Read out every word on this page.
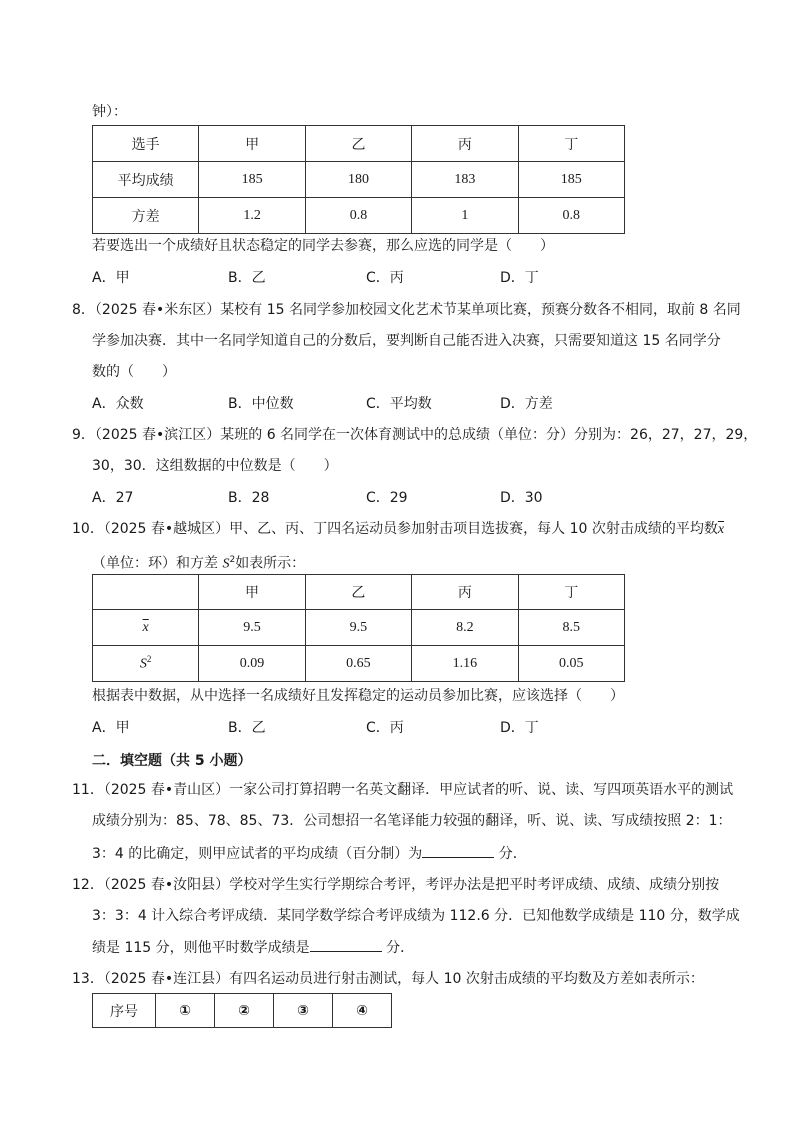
钟）：
选手	甲	乙	丙	丁
平均成绩	185	180	183	185
方差	1.2	0.8	1	0.8
若要选出一个成绩好且状态稳定的同学去参赛，那么应选的同学是（　　）
A．甲	B．乙	C．丙	D．丁
8．（2025 春•米东区）某校有 15 名同学参加校园文化艺术节某单项比赛，预赛分数各不相同，取前 8 名同
学参加决赛．其中一名同学知道自己的分数后，要判断自己能否进入决赛，只需要知道这 15 名同学分
数的（　　）
A．众数	B．中位数	C．平均数	D．方差
9．（2025 春•滨江区）某班的 6 名同学在一次体育测试中的总成绩（单位：分）分别为：26，27，27，29，
30，30．这组数据的中位数是（　　）
A．27	B．28	C．29	D．30
10．（2025 春•越城区）甲、乙、丙、丁四名运动员参加射击项目选拔赛，每人 10 次射击成绩的平均数$\overline{x}$
（单位：环）和方差 $S^2$如表所示：
	甲	乙	丙	丁
$\overline{x}$	9.5	9.5	8.2	8.5
$S^2$	0.09	0.65	1.16	0.05
根据表中数据，从中选择一名成绩好且发挥稳定的运动员参加比赛，应该选择（　　）
A．甲	B．乙	C．丙	D．丁
二．填空题（共 5 小题）
11．（2025 春•青山区）一家公司打算招聘一名英文翻译．甲应试者的听、说、读、写四项英语水平的测试
成绩分别为：85、78、85、73．公司想招一名笔译能力较强的翻译，听、说、读、写成绩按照 2：1：
3：4 的比确定，则甲应试者的平均成绩（百分制）为	分．
12．（2025 春•汝阳县）学校对学生实行学期综合考评，考评办法是把平时考评成绩、成绩、成绩分别按
3：3：4 计入综合考评成绩．某同学数学综合考评成绩为 112.6 分．已知他数学成绩是 110 分，数学成
绩是 115 分，则他平时数学成绩是	分．
13．（2025 春•连江县）有四名运动员进行射击测试，每人 10 次射击成绩的平均数及方差如表所示：
序号	①	②	③	④
